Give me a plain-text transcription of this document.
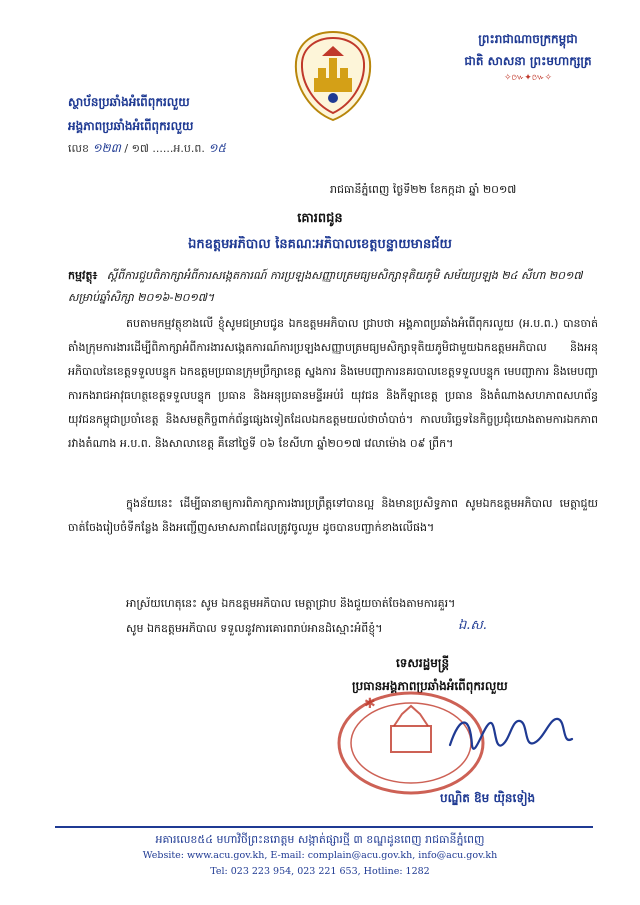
ព្រះរាជាណាចក្រកម្ពុជា
ជាតិ សាសនា ព្រះមហាក្សត្រ
✧៚✦៚✧
ស្ថាប័នប្រឆាំងអំពើពុករលួយ
អង្គភាពប្រឆាំងអំពើពុករលួយ
លេខ ១២៣ / ១៧ ......អ.ប.ព. ១៥
រាជធានីភ្នំពេញ ថ្ងៃទី២២ ខែកក្កដា ឆ្នាំ ២០១៧
គោរពជូន
ឯកឧត្តមអភិបាល នៃគណៈអភិបាលខេត្តបន្ទាយមានជ័យ
កម្មវត្ថុ៖ ស្តីពីការជួបពិភាក្សាអំពីការសង្កេតការណ៍ ការប្រឡងសញ្ញាបត្រមធ្យមសិក្សាទុតិយភូមិ សម័យប្រឡង ២៤ សីហា ២០១៧ សម្រាប់ឆ្នាំសិក្សា ២០១៦-២០១៧។
តបតាមកម្មវត្ថុខាងលើ ខ្ញុំសូមជម្រាបជូន ឯកឧត្តមអភិបាល ជ្រាបថា អង្គភាពប្រឆាំងអំពើពុករលួយ (អ.ប.ព.) បានចាត់តាំងក្រុមការងារដើម្បីពិភាក្សាអំពីការងារសង្កេតការណ៍ការប្រឡងសញ្ញាបត្រមធ្យមសិក្សាទុតិយភូមិជាមួយឯកឧត្តមអភិបាល និងអនុអភិបាលនៃខេត្តទទួលបន្ទុក ឯកឧត្តមប្រធានក្រុមប្រឹក្សាខេត្ត ស្នងការ និងមេបញ្ជាការនគរបាលខេត្តទទួលបន្ទុក មេបញ្ជាការ និងមេបញ្ជាការកងរាជអាវុធហត្ថខេត្តទទួលបន្ទុក ប្រធាន និងអនុប្រធានមន្ទីរអប់រំ យុវជន និងកីឡាខេត្ត ប្រធាន និងតំណាងសហភាពសហព័ន្ធយុវជនកម្ពុជាប្រចាំខេត្ត និងសមត្ថកិច្ចពាក់ព័ន្ធផ្សេងទៀតដែលឯកឧត្តមយល់ថាចាំបាច់។ កាលបរិច្ឆេទនៃកិច្ចប្រជុំយោងតាមការឯកភាពរវាងតំណាង អ.ប.ព. និងសាលាខេត្ត គឺនៅថ្ងៃទី ០៦ ខែសីហា ឆ្នាំ២០១៧ វេលាម៉ោង ០៩ ព្រឹក។
ក្នុងន័យនេះ ដើម្បីធានាឲ្យការពិភាក្សាការងារប្រព្រឹត្តទៅបានល្អ និងមានប្រសិទ្ធភាព សូមឯកឧត្តមអភិបាល មេត្តាជួយចាត់ចែងរៀបចំទីកន្លែង និងអញ្ជើញសមាសភាពដែលត្រូវចូលរួម ដូចបានបញ្ជាក់ខាងលើផង។
អាស្រ័យហេតុនេះ សូម ឯកឧត្តមអភិបាល មេត្តាជ្រាប និងជួយចាត់ចែងតាមការគួរ។
សូម ឯកឧត្តមអភិបាល ទទួលនូវការគោរពរាប់អានដ៏ស្មោះអំពីខ្ញុំ។	ឯ.ស.
ទេសរដ្ឋមន្ត្រី
ប្រធានអង្គភាពប្រឆាំងអំពើពុករលួយ
✱
បណ្ឌិត ឱម យ៉ិនទៀង
អគារលេខ៥៤ មហាវិថីព្រះនរោត្តម សង្កាត់ផ្សារថ្មី ៣ ខណ្ឌដូនពេញ រាជធានីភ្នំពេញ
Website: www.acu.gov.kh, E-mail: complain@acu.gov.kh, info@acu.gov.kh
Tel: 023 223 954, 023 221 653, Hotline: 1282
